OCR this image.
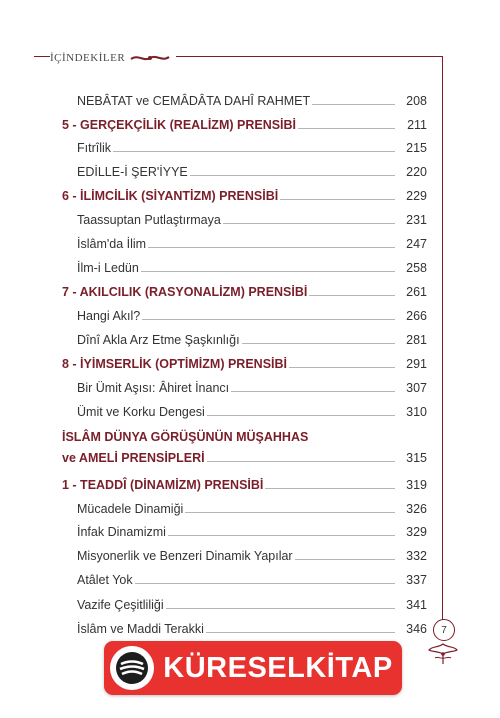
İÇİNDEKİLER
NEBÂTAT ve CEMÂDÂTA DAHÎ RAHMET	208
5 - GERÇEKÇİLİK (REALİZM) PRENSİBİ	211
Fıtrîlik	215
EDİLLE-İ ŞER'İYYE	220
6 - İLİMCİLİK (SİYANTİZM) PRENSİBİ	229
Taassuptan Putlaştırmaya	231
İslâm'da İlim	247
İlm-i Ledün	258
7 - AKILCILIK (RASYONALİZM) PRENSİBİ	261
Hangi Akıl?	266
Dînî Akla Arz Etme Şaşkınlığı	281
8 - İYİMSERLİK (OPTİMİZM) PRENSİBİ	291
Bir Ümit Aşısı: Âhiret İnancı	307
Ümit ve Korku Dengesi	310
İSLÂM DÜNYA GÖRÜŞÜNÜN MÜŞAHHAS
ve AMELİ PRENSİPLERİ	315
1 - TEADDÎ (DİNAMİZM) PRENSİBİ	319
Mücadele Dinamiği	326
İnfak Dinamizmi	329
Misyonerlik ve Benzeri Dinamik Yapılar	332
Atâlet Yok	337
Vazife Çeşitliliği	341
İslâm ve Maddi Terakki	346 7
KÜRESELKİTAP
